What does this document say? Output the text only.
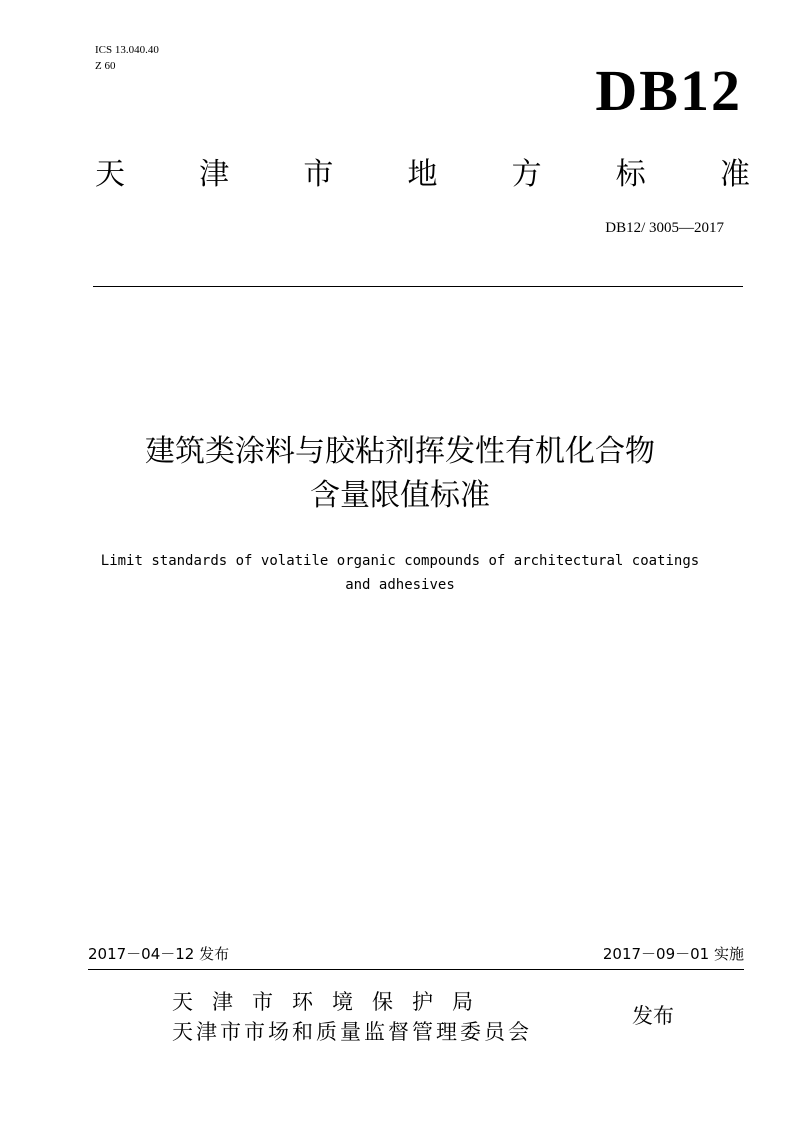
ICS 13.040.40
Z 60	DB12
天 津 市 地 方 标 准
DB12/ 3005—2017
建筑类涂料与胶粘剂挥发性有机化合物
含量限值标准
Limit standards of volatile organic compounds of architectural coatings
and adhesives
2017－04－12 发布	2017－09－01 实施
天津市环境保护局
天津市市场和质量监督管理委员会
发布
